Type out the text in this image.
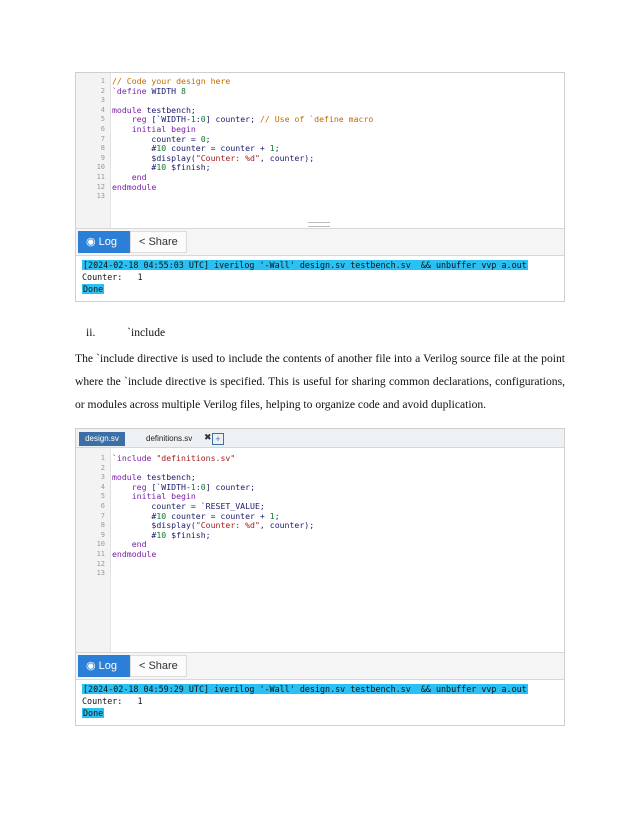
1 // Code your design here
2 `define WIDTH 8
3
4 module testbench;
5	reg [`WIDTH-1:0] counter; // Use of `define macro
6	initial begin
7 counter = 0;
8 #10 counter = counter + 1;
9 $display("Counter: %d", counter);
10 #10 $finish;
11	end
12 endmodule
13
◉ Log	< Share
[2024-02-18 04:55:03 UTC] iverilog '-Wall' design.sv testbench.sv  && unbuffer vvp a.out
Counter:   1
Done
ii.	`include
The `include directive is used to include the contents of another file into a Verilog source file at the point where the `include directive is specified. This is useful for sharing common declarations, configurations, or modules across multiple Verilog files, helping to organize code and avoid duplication.
design.sv	definitions.sv	✖ +
1 `include "definitions.sv"
2
3 module testbench;
4	reg [`WIDTH-1:0] counter;
5	initial begin
6 counter = `RESET_VALUE;
7 #10 counter = counter + 1;
8 $display("Counter: %d", counter);
9 #10 $finish;
10	end
11 endmodule
12
13
◉ Log	< Share
[2024-02-18 04:59:29 UTC] iverilog '-Wall' design.sv testbench.sv  && unbuffer vvp a.out
Counter:   1
Done
